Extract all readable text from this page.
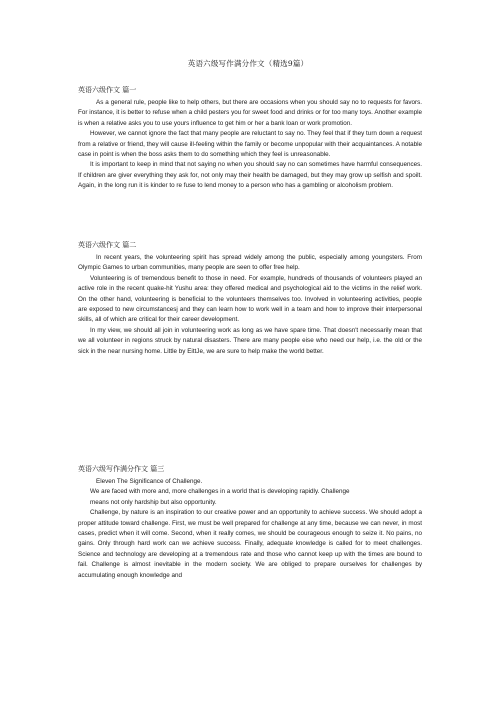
英语六级写作满分作文（精选9篇）
英语六级作文 篇一

As a general rule, people like to help others, but there are occasions when you should say no to requests for favors. For instance, it is better to refuse when a child pesters you for sweet food and drinks or for too many toys. Another example is when a relative asks you to use yours influence to get him or her a bank loan or work promotion.

However, we cannot ignore the fact that many people are reluctant to say no. They feel that if they turn down a request from a relative or friend, they will cause ill-feeling within the family or become unpopular with their acquaintances. A notable case in point is when the boss asks them to do something which they feel is unreasonable.

It is important to keep in mind that not saying no when you should say no can sometimes have harmful consequences. If children are giver everything they ask for, not only may their health be damaged, but they may grow up selfish and spoilt. Again, in the long run it is kinder to re fuse to lend money to a person who has a gambling or alcoholism problem.

英语六级作文 篇二

In recent years, the volunteering spirit has spread widely among the public, especially among youngsters. From Olympic Games to urban communities, many people are seen to offer free help.

Volunteering is of tremendous benefit to those in need. For example, hundreds of thousands of volunteers played an active role in the recent quake-hit Yushu area: they offered medical and psychological aid to the victims in the relief work. On the other hand, volunteering is beneficial to the volunteers themselves too. Involved in volunteering activities, people are exposed to new circumstancesj and they can learn how to work well in a team and how to improve their interpersonal skills, all of which are critical for their career development.

In my view, we should all join in volunteering work as long as we have spare time. That doesn't necessarily mean that we all volunteer in regions struck by natural disasters. There are many people eise who need our help, i.e. the old or the sick in the near nursing home. Little by EittJe, we are sure to help make the world better.

英语六级写作满分作文 篇三

Eleven The Significance of Challenge.

We are faced with more and, more challenges in a world that is developing rapidly. Challenge

means not only hardship but also opportunity.

Challenge, by nature is an inspiration to our creative power and an opportunity to achieve success. We should adopt a proper attitude toward challenge. First, we must be well prepared for challenge at any time, because we can never, in most cases, predict when it will come. Second, when it really comes, we should be courageous enough to seize it. No pains, no gains. Only through hard work can we achieve success. Finally, adequate knowledge is called for to meet challenges. Science and technology are developing at a tremendous rate and those who cannot keep up with the times are bound to fail. Challenge is almost inevitable in the modern society. We are obliged to prepare ourselves for challenges by accumulating enough knowledge and
